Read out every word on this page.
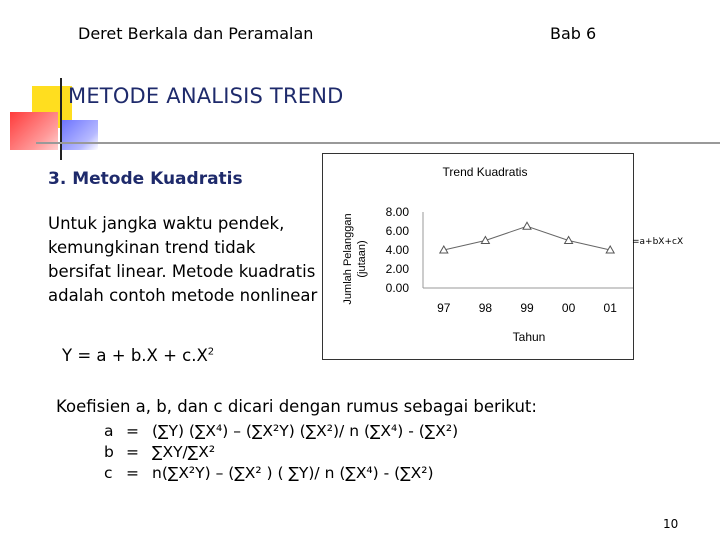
Deret Berkala dan Peramalan	Bab 6
METODE ANALISIS TREND
3. Metode Kuadratis
Untuk jangka waktu pendek, kemungkinan trend tidak bersifat linear. Metode kuadratis adalah contoh metode nonlinear
Trend Kuadratis
Jumlah Pelanggan (jutaan)
Tahun
8.00
6.00
4.00
2.00
0.00
97 98 99 00 01
=a+bX+cX
$Y = a + b.X + c.X^2$
Koefisien a, b, dan c dicari dengan rumus sebagai berikut:
a = (∑Y) (∑X⁴) – (∑X²Y) (∑X²)/ n (∑X⁴) - (∑X²)
b = ∑XY/∑X²
c = n(∑X²Y) – (∑X² ) ( ∑Y)/ n (∑X⁴) - (∑X²)
10
